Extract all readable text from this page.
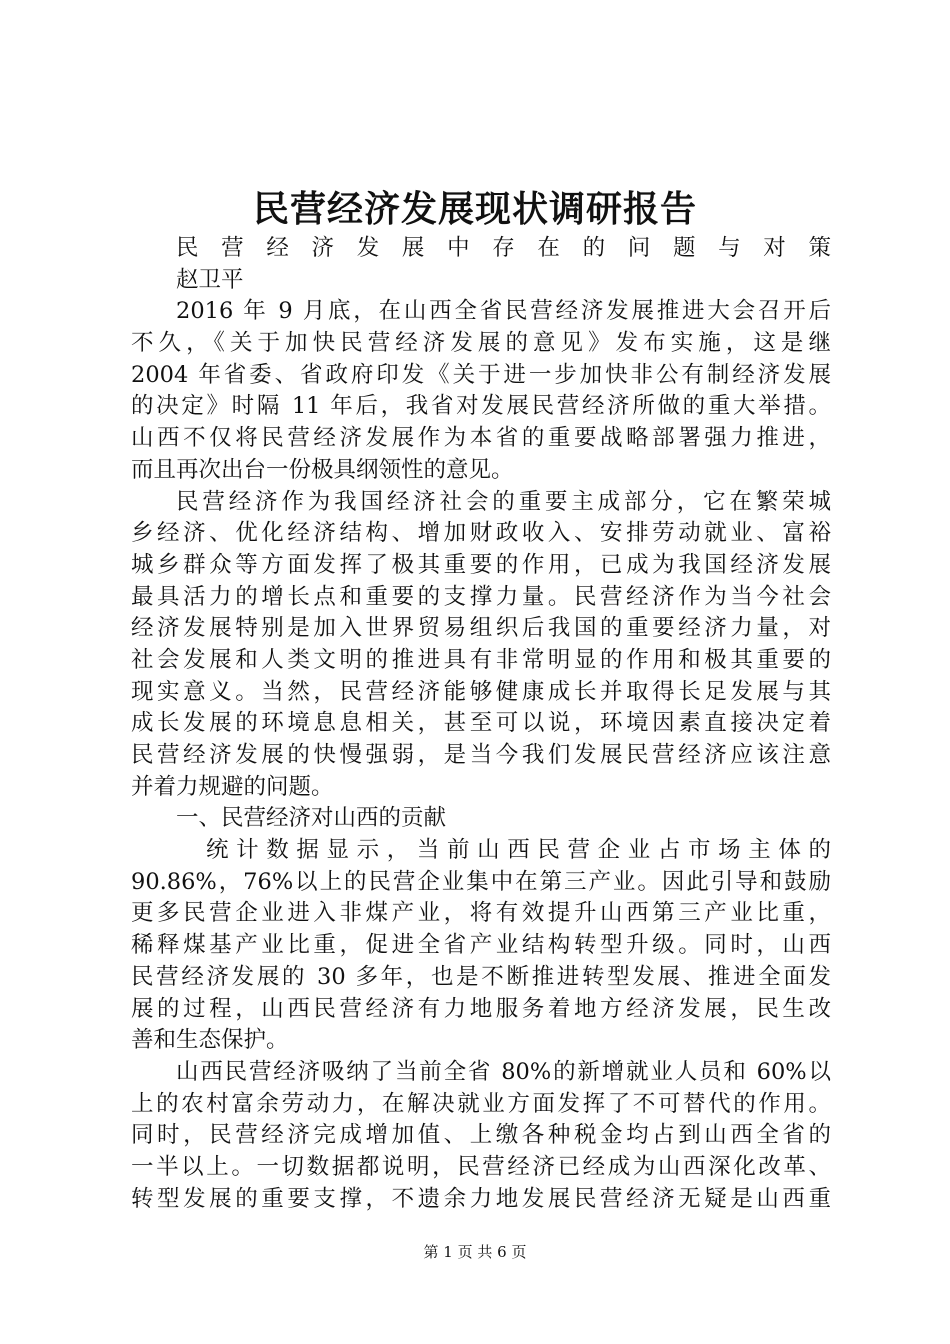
民营经济发展现状调研报告
民营经济发展中存在的问题与对策
赵卫平
2016 年 9 月底，在山西全省民营经济发展推进大会召开后
不久，《关于加快民营经济发展的意见》发布实施，这是继
2004 年省委、省政府印发《关于进一步加快非公有制经济发展
的决定》时隔 11 年后，我省对发展民营经济所做的重大举措。
山西不仅将民营经济发展作为本省的重要战略部署强力推进，
而且再次出台一份极具纲领性的意见。
民营经济作为我国经济社会的重要主成部分，它在繁荣城
乡经济、优化经济结构、增加财政收入、安排劳动就业、富裕
城乡群众等方面发挥了极其重要的作用，已成为我国经济发展
最具活力的增长点和重要的支撑力量。民营经济作为当今社会
经济发展特别是加入世界贸易组织后我国的重要经济力量，对
社会发展和人类文明的推进具有非常明显的作用和极其重要的
现实意义。当然，民营经济能够健康成长并取得长足发展与其
成长发展的环境息息相关，甚至可以说，环境因素直接决定着
民营经济发展的快慢强弱，是当今我们发展民营经济应该注意
并着力规避的问题。
一、民营经济对山西的贡献
统计数据显示，当前山西民营企业占市场主体的
90.86%，76%以上的民营企业集中在第三产业。因此引导和鼓励
更多民营企业进入非煤产业，将有效提升山西第三产业比重，
稀释煤基产业比重，促进全省产业结构转型升级。同时，山西
民营经济发展的 30 多年，也是不断推进转型发展、推进全面发
展的过程，山西民营经济有力地服务着地方经济发展，民生改
善和生态保护。
山西民营经济吸纳了当前全省 80%的新增就业人员和 60%以
上的农村富余劳动力，在解决就业方面发挥了不可替代的作用。
同时，民营经济完成增加值、上缴各种税金均占到山西全省的
一半以上。一切数据都说明，民营经济已经成为山西深化改革、
转型发展的重要支撑，不遗余力地发展民营经济无疑是山西重
第 1 页 共 6 页
